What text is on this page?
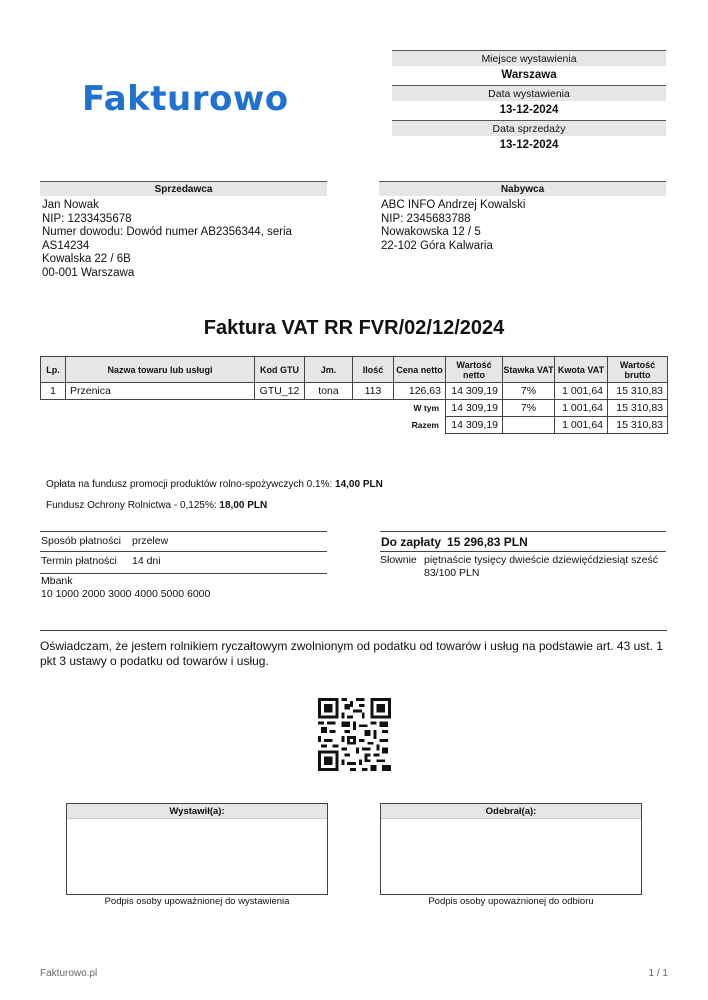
Fakturowo
Miejsce wystawienia
Warszawa
Data wystawienia
13-12-2024
Data sprzedaży
13-12-2024
Sprzedawca
Jan Nowak
NIP: 1233435678
Numer dowodu: Dowód numer AB2356344, seria
AS14234
Kowalska 22 / 6B
00-001 Warszawa
Nabywca
ABC INFO Andrzej Kowalski
NIP: 2345683788
Nowakowska 12 / 5
22-102 Góra Kalwaria
Faktura VAT RR FVR/02/12/2024
Lp.	Nazwa towaru lub usługi	Kod GTU	Jm.	Ilość	Cena netto	Wartość netto	Stawka VAT	Kwota VAT	Wartość brutto
1	Przenica	GTU_12	tona	113	126,63	14 309,19	7%	1 001,64	15 310,83
					W tym	14 309,19	7%	1 001,64	15 310,83
					Razem	14 309,19		1 001,64	15 310,83
Opłata na fundusz promocji produktów rolno-spożywczych 0.1%: 14,00 PLN
Fundusz Ochrony Rolnictwa - 0,125%: 18,00 PLN
Sposób płatności przelew
Termin płatności 14 dni
Mbank
10 1000 2000 3000 4000 5000 6000
Do zapłaty 15 296,83 PLN
Słownie piętnaście tysięcy dwieście dziewięćdziesiąt sześć 83/100 PLN
Oświadczam, że jestem rolnikiem ryczałtowym zwolnionym od podatku od towarów i usług na podstawie art. 43 ust. 1 pkt 3 ustawy o podatku od towarów i usług.
Wystawił(a):
Podpis osoby upoważnionej do wystawienia
Odebrał(a):
Podpis osoby upoważnionej do odbioru
Fakturowo.pl	1 / 1
